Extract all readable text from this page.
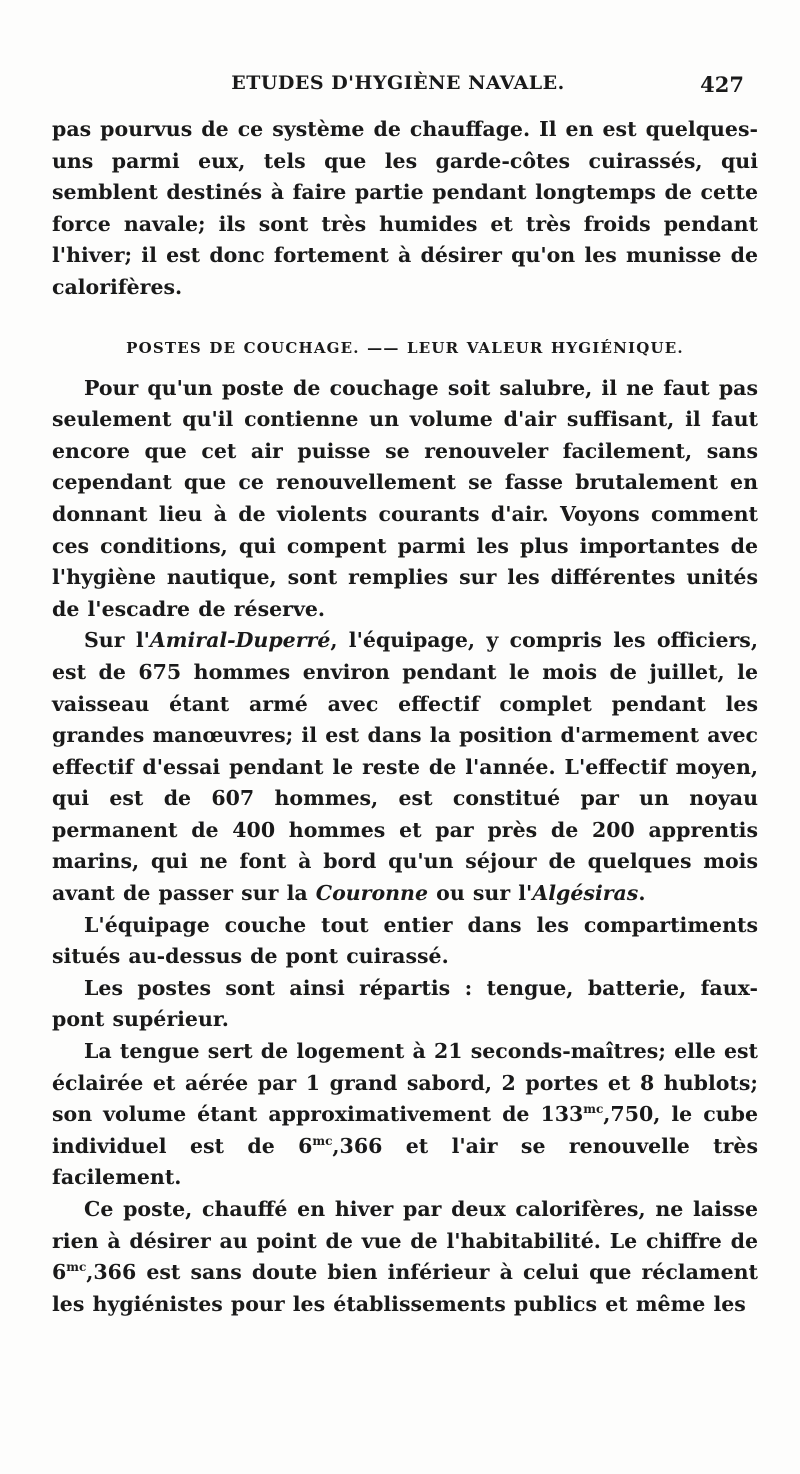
ETUDES D'HYGIÈNE NAVALE.	427

pas pourvus de ce système de chauffage. Il en est quelques-uns parmi eux, tels que les garde-côtes cuirassés, qui semblent destinés à faire partie pendant longtemps de cette force navale; ils sont très humides et très froids pendant l'hiver; il est donc fortement à désirer qu'on les munisse de calorifères.

POSTES DE COUCHAGE. —— LEUR VALEUR HYGIÉNIQUE.

Pour qu'un poste de couchage soit salubre, il ne faut pas seulement qu'il contienne un volume d'air suffisant, il faut encore que cet air puisse se renouveler facilement, sans cependant que ce renouvellement se fasse brutalement en donnant lieu à de violents courants d'air. Voyons comment ces conditions, qui compent parmi les plus importantes de l'hygiène nautique, sont remplies sur les différentes unités de l'escadre de réserve.

Sur l'Amiral-Duperré, l'équipage, y compris les officiers, est de 675 hommes environ pendant le mois de juillet, le vaisseau étant armé avec effectif complet pendant les grandes manœuvres; il est dans la position d'armement avec effectif d'essai pendant le reste de l'année. L'effectif moyen, qui est de 607 hommes, est constitué par un noyau permanent de 400 hommes et par près de 200 apprentis marins, qui ne font à bord qu'un séjour de quelques mois avant de passer sur la Couronne ou sur l'Algésiras.

L'équipage couche tout entier dans les compartiments situés au-dessus de pont cuirassé.

Les postes sont ainsi répartis : tengue, batterie, faux-pont supérieur.

La tengue sert de logement à 21 seconds-maîtres; elle est éclairée et aérée par 1 grand sabord, 2 portes et 8 hublots; son volume étant approximativement de $133^{mc},750$, le cube individuel est de $6^{mc},366$ et l'air se renouvelle très facilement.

Ce poste, chauffé en hiver par deux calorifères, ne laisse rien à désirer au point de vue de l'habitabilité. Le chiffre de $6^{mc},366$ est sans doute bien inférieur à celui que réclament les hygiénistes pour les établissements publics et même les
